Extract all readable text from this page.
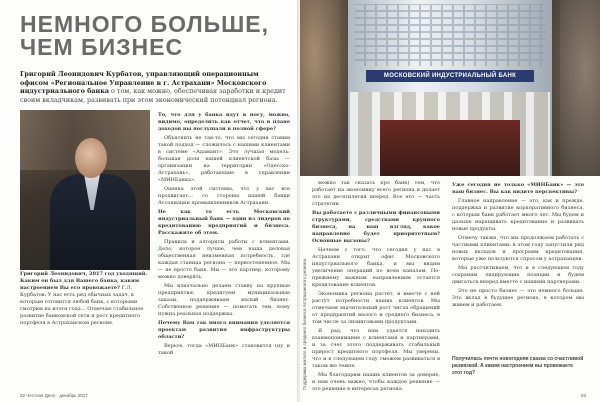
НЕМНОГО БОЛЬШЕ,
ЧЕМ БИЗНЕС

Григорий Леонидович Курбатов, управляющий операционным офисом «Региональное Управление в г. Астрахани» Московского индустриального банка о том, как можно, обеспечивая заработки и кредит своим вкладчикам, развивать при этом экономический потенциал региона.

Григорий Леонидович, 2017 год уходящий. Каким он был для Вашего банка, каким настроением Вы его провожаете? Г.Л. Курбатов: У нас есть ряд обычных задач, к которым готовится любой банк, с которыми смотрим на итоги года… Отмечаю стабильное развитие банковской сети и рост кредитного портфеля в Астраханском регионе.

То, что для у банка идут в ногу, можно, видимо, определить как отчет, что в плане доходов вы послушали в полной сфере?

Объяснить не так-то, что мы сегодня ставим такой подход — сложилось с нашими клиентами в системе «Адамант». Это лучшая модель: большая доля нашей клиентской базы — организации на территории «Одесско-Астрахань», работающие в управлении «МИНБанка».

Оценка этой системы, что у вас все продвигает… со стороны нашей банки Ассоциации промышленников Астрахани.

Не как то есть Московский индустриальный банк — один из лидеров по кредитованию предприятий и бизнеса. Расскажите об этом.

Правила и алгоритм работы с клиентами. Дело, которое лучше, чем наша деловая общественная неизменная потребность, где каждая станица региона — первостепенное. Мы — не просто банк. Мы — это партнер, которому можно доверять.

Мы изначально делаем ставку на крупные предприятия, кредитуем муниципальные заказы, поддерживаем малый бизнес. Собственное решение — помогать тем, кому нужна реальная поддержка.

Почему Вам так много внимания уделяется проектам развития инфраструктуры области?

Верьте, тогда «МИНБанк» становится (ну и такой

02 Честное Дело · декабрь 2017	03
МОСКОВСКИЙ ИНДУСТРИАЛЬНЫЙ БАНК
Поддержка малого и среднего бизнеса Астраханского региона

можно так сказать про банк) тем, что работает на экономику всего региона и делает это на десятилетия вперед. Все это — часть стратегии.

Вы работаете с различными финансовыми структурами, средствами крупного бизнеса, на ваш взгляд, какое направление будет приоритетным? Основные вызовы?

Начнем с того, что сегодня у нас в Астрахани открыт офис Московского индустриального банка, и мы видим увеличение операций по всем каналам. По-прежнему важным направлением остается кредитование клиентов.

Экономика региона растет, и вместе с ней растут потребности наших клиентов. Мы отмечаем значительный рост числа обращений от предприятий малого и среднего бизнеса, в том числе за лизинговыми продуктами.

Я рад, что нам удается находить взаимопонимание с клиентами и партнерами, и за счет этого поддерживать стабильный прирост кредитного портфеля. Мы уверены, что и в следующем году сможем развиваться в таком же темпе.

Мы благодарим наших клиентов за доверие, и нам очень важно, чтобы каждое решение — это решение в интересах региона.

Уже сегодня не только «МИНБанк» — это наш бизнес. Вы как видите перспективы?

Главное направление — это, как и прежде, поддержка и развитие корпоративного бизнеса, с которым банк работает много лет. Мы будем и дальше наращивать кредитование и развивать новые продукты.

Отмечу также, что мы продолжаем работать с частными клиентами: в этом году запустили ряд новых вкладов и программ кредитования, которые уже пользуются спросом у астраханцев.

Мы рассчитываем, что и в следующем году сохраним лидирующие позиции и будем двигаться вперед вместе с нашими партнерами.

Это не просто бизнес — это немного больше. Это вклад в будущее региона, в котором мы живем и работаем.

Получилась почти новогодняя сказка со счастливой развязкой. А каким настроением вы провожаете этот год?
